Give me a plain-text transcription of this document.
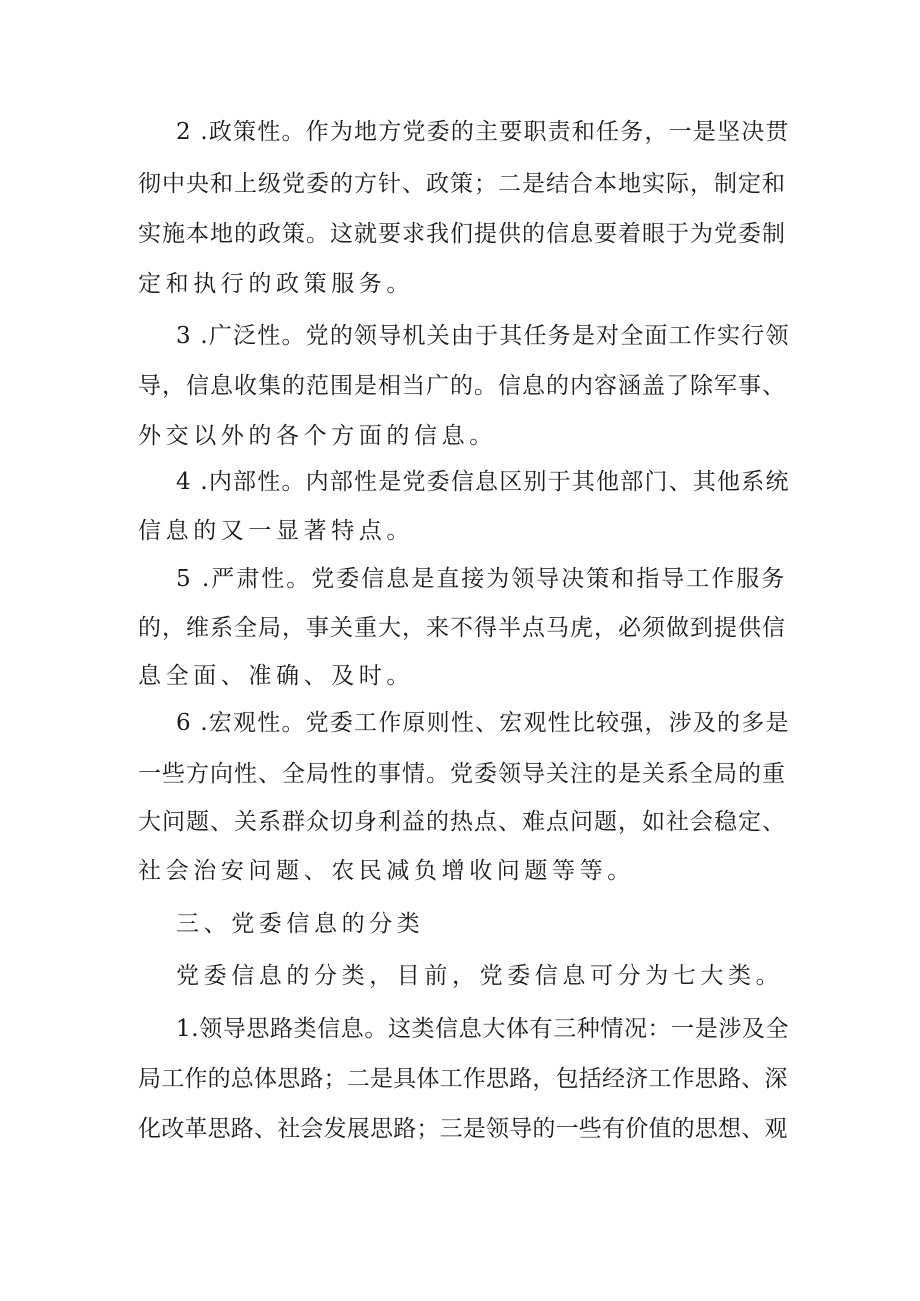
2 .政策性。作为地方党委的主要职责和任务，一是坚决贯
彻中央和上级党委的方针、政策；二是结合本地实际，制定和
实施本地的政策。这就要求我们提供的信息要着眼于为党委制
定和执行的政策服务。
3 .广泛性。党的领导机关由于其任务是对全面工作实行领
导，信息收集的范围是相当广的。信息的内容涵盖了除军事、
外交以外的各个方面的信息。
4 .内部性。内部性是党委信息区别于其他部门、其他系统
信息的又一显著特点。
5 .严肃性。党委信息是直接为领导决策和指导工作服务
的，维系全局，事关重大，来不得半点马虎，必须做到提供信
息全面、准确、及时。
6 .宏观性。党委工作原则性、宏观性比较强，涉及的多是
一些方向性、全局性的事情。党委领导关注的是关系全局的重
大问题、关系群众切身利益的热点、难点问题，如社会稳定、
社会治安问题、农民减负增收问题等等。
三、党委信息的分类
党委信息的分类，目前，党委信息可分为七大类。
1.领导思路类信息。这类信息大体有三种情况：一是涉及全
局工作的总体思路；二是具体工作思路，包括经济工作思路、深
化改革思路、社会发展思路；三是领导的一些有价值的思想、观
